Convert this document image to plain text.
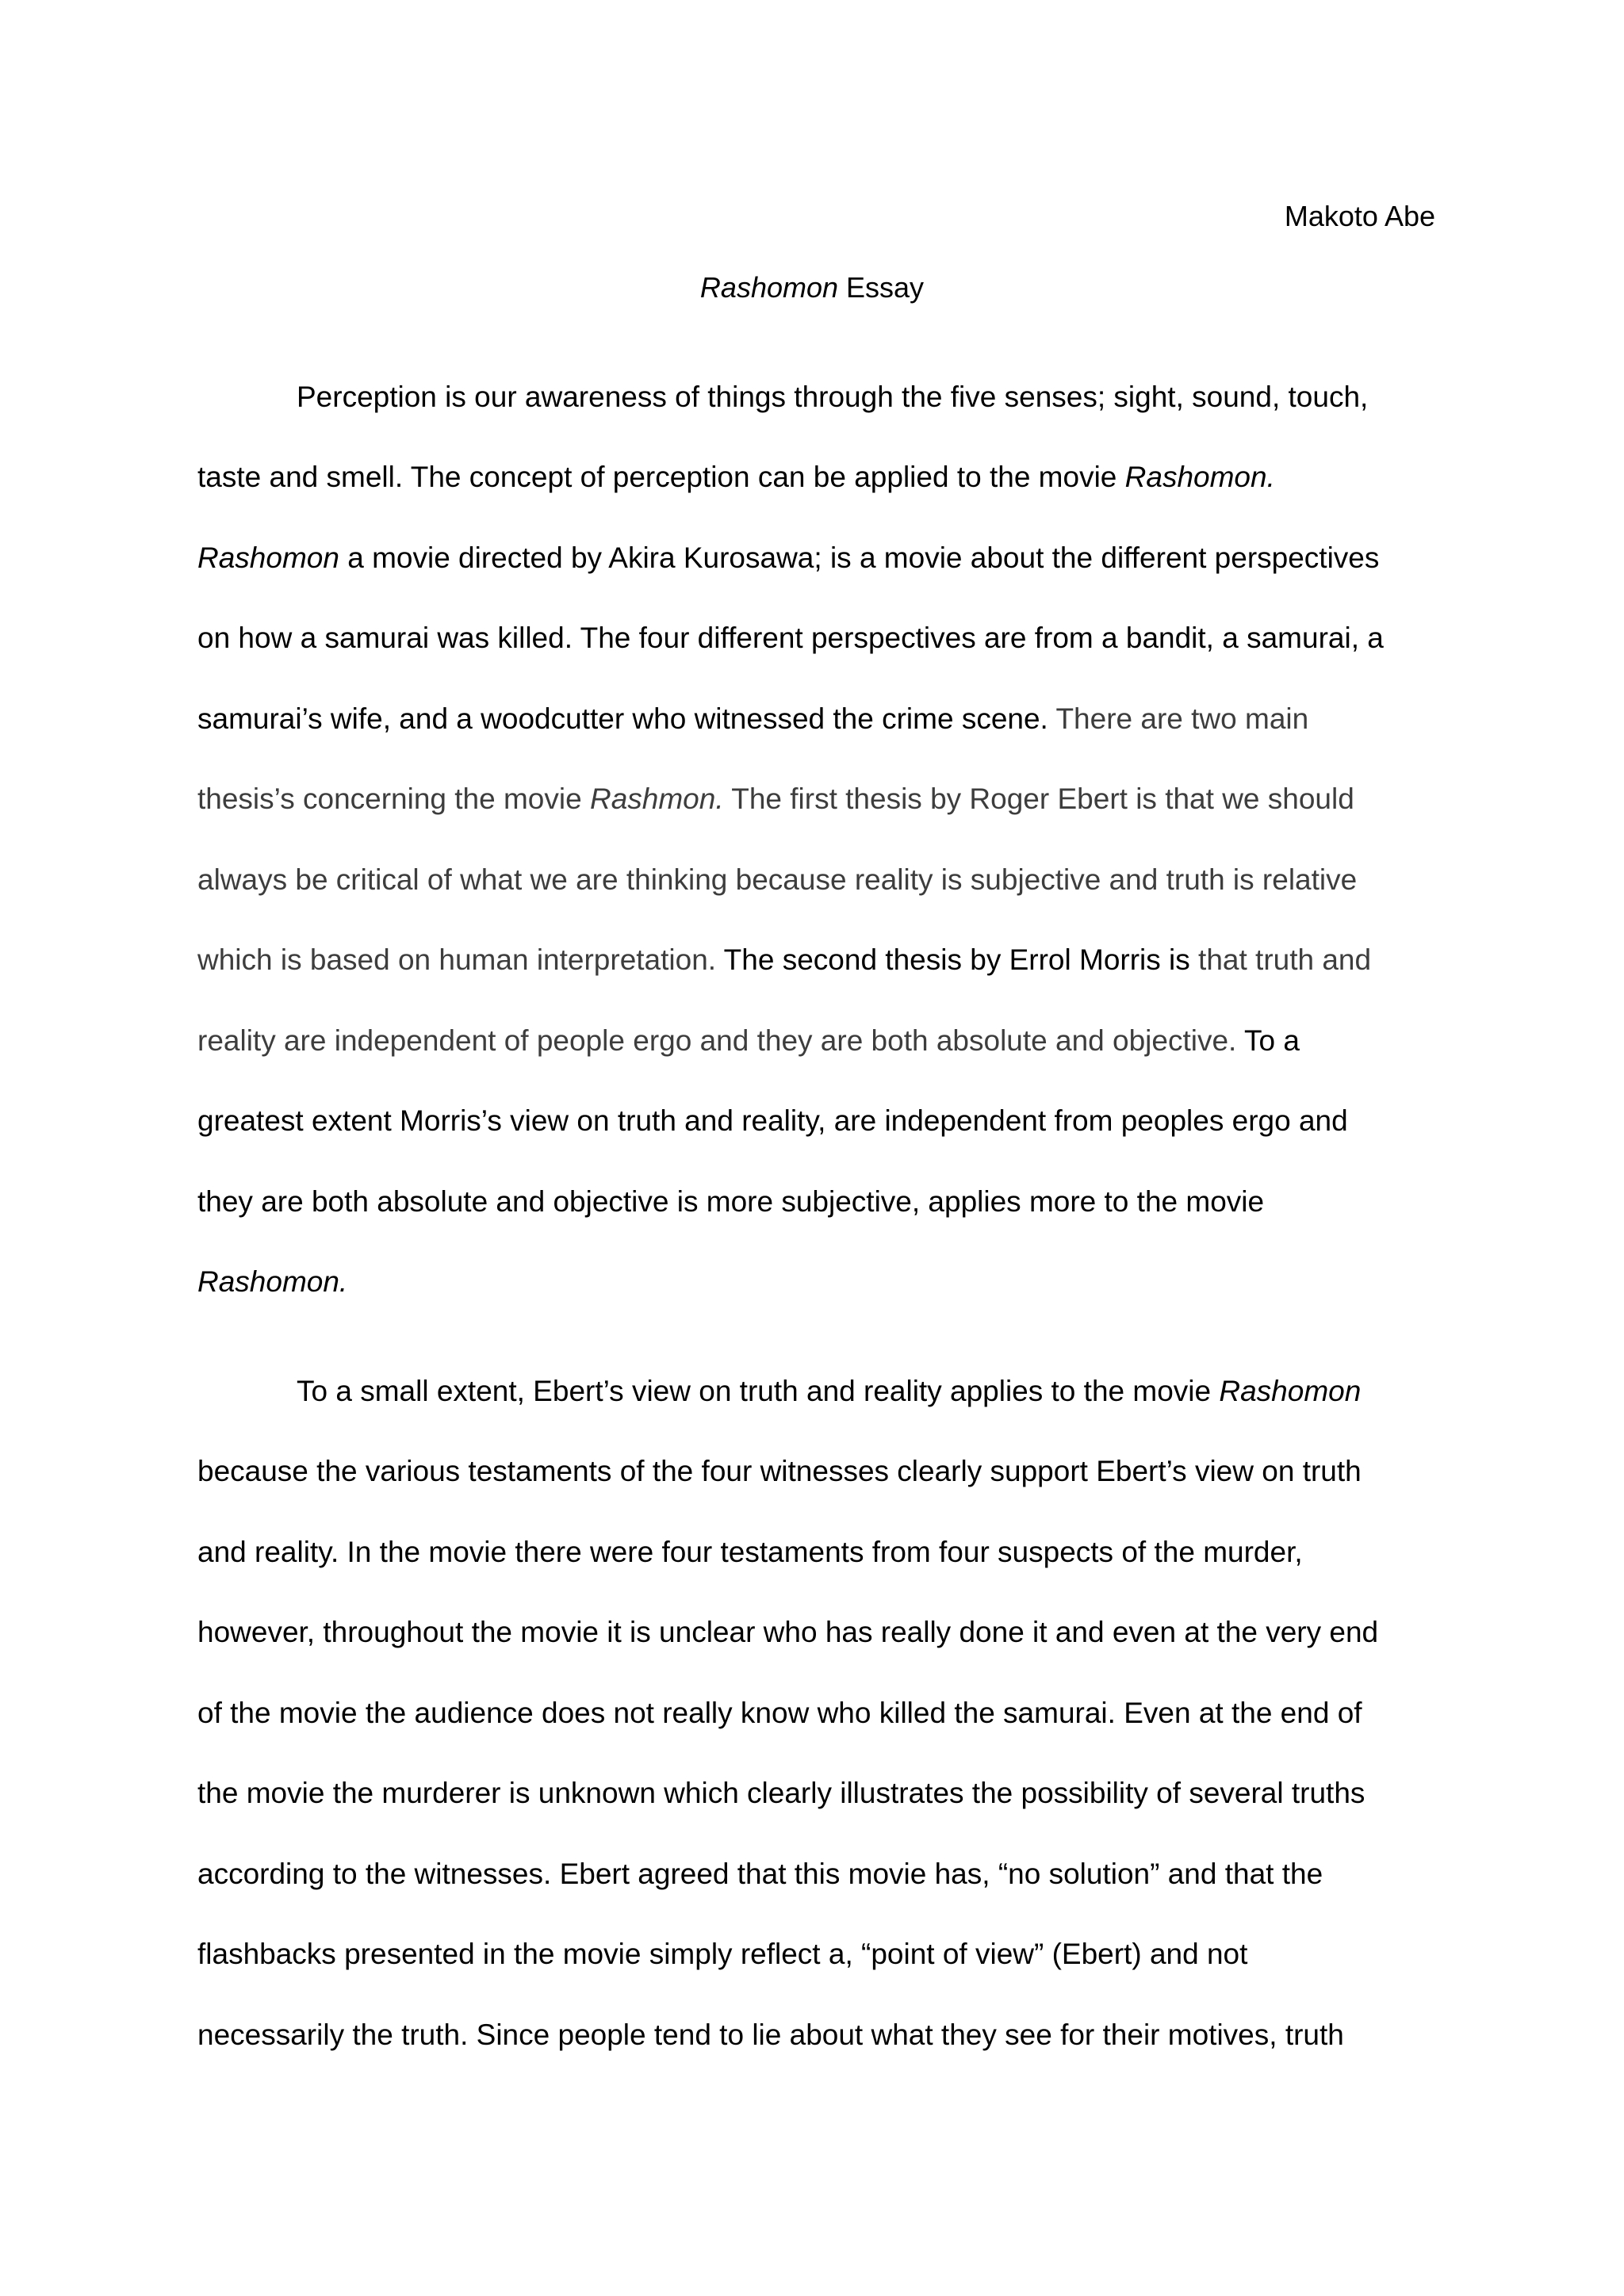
Makoto Abe
Rashomon Essay
Perception is our awareness of things through the five senses; sight, sound, touch,
taste and smell. The concept of perception can be applied to the movie Rashomon.
Rashomon a movie directed by Akira Kurosawa; is a movie about the different perspectives
on how a samurai was killed. The four different perspectives are from a bandit, a samurai, a
samurai’s wife, and a woodcutter who witnessed the crime scene. There are two main
thesis’s concerning the movie Rashmon. The first thesis by Roger Ebert is that we should
always be critical of what we are thinking because reality is subjective and truth is relative
which is based on human interpretation. The second thesis by Errol Morris is that truth and
reality are independent of people ergo and they are both absolute and objective. To a
greatest extent Morris’s view on truth and reality, are independent from peoples ergo and
they are both absolute and objective is more subjective, applies more to the movie
Rashomon.
To a small extent, Ebert’s view on truth and reality applies to the movie Rashomon
because the various testaments of the four witnesses clearly support Ebert’s view on truth
and reality. In the movie there were four testaments from four suspects of the murder,
however, throughout the movie it is unclear who has really done it and even at the very end
of the movie the audience does not really know who killed the samurai. Even at the end of
the movie the murderer is unknown which clearly illustrates the possibility of several truths
according to the witnesses. Ebert agreed that this movie has, “no solution” and that the
flashbacks presented in the movie simply reflect a, “point of view” (Ebert) and not
necessarily the truth. Since people tend to lie about what they see for their motives, truth
